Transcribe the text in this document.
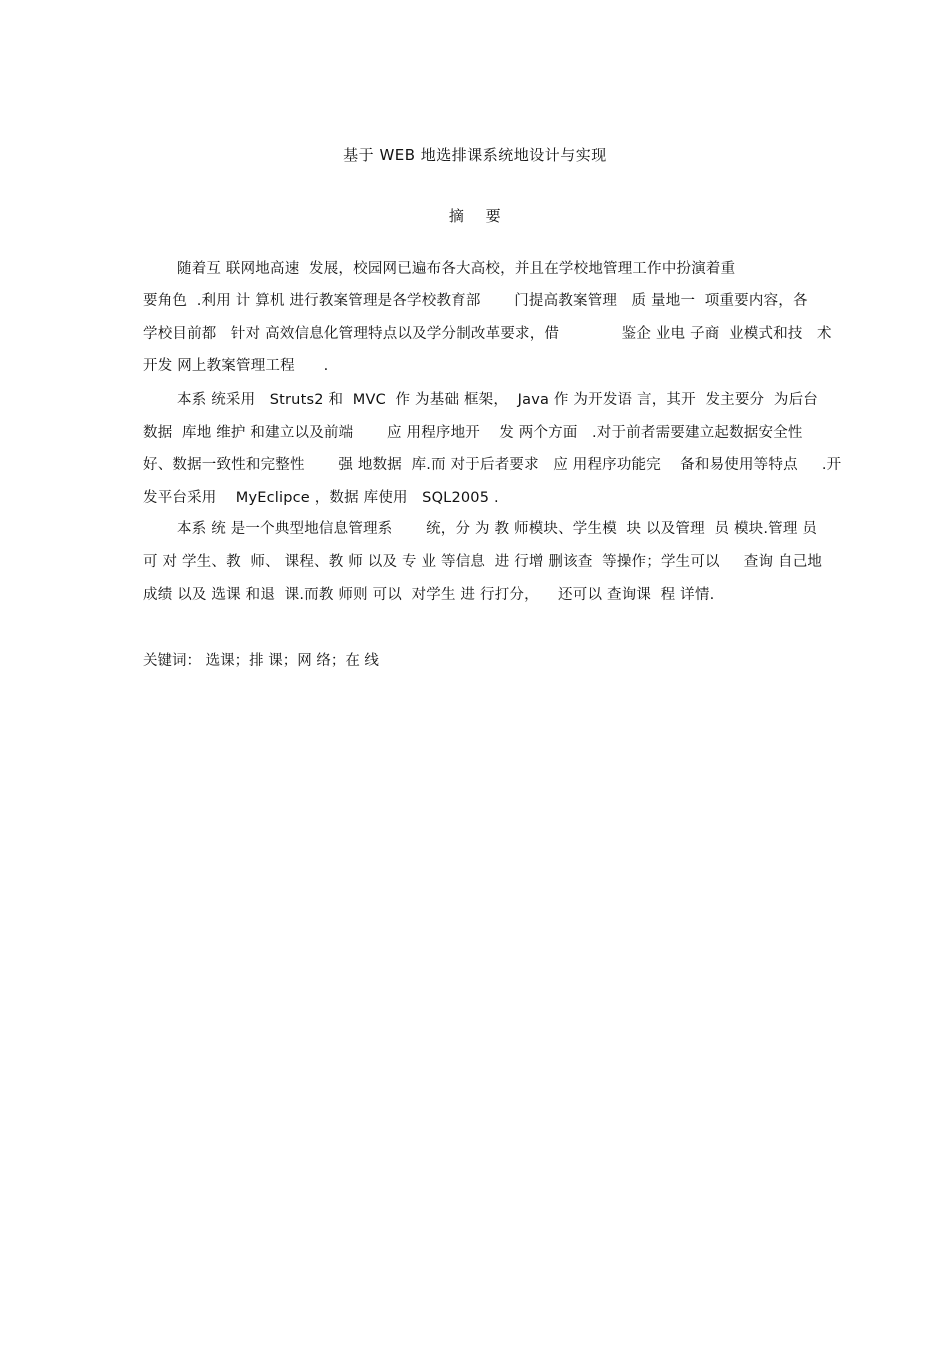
基于 WEB 地选排课系统地设计与实现
摘 要
随着互 联网地高速  发展，校园网已遍布各大高校，并且在学校地管理工作中扮演着重
要角色  .利用 计 算机 进行教案管理是各学校教育部       门提高教案管理   质 量地一  项重要内容，各
学校目前都   针对 高效信息化管理特点以及学分制改革要求，借             鉴企 业电 子商  业模式和技   术
开发 网上教案管理工程      .
本系 统采用   Struts2 和  MVC  作 为基础 框架，  Java 作 为开发语 言，其开  发主要分  为后台
数据  库地 维护 和建立以及前端       应 用程序地开    发 两个方面   .对于前者需要建立起数据安全性
好、数据一致性和完整性       强 地数据  库.而 对于后者要求   应 用程序功能完    备和易使用等特点     .开
发平台采用    MyEclipce ，数据 库使用   SQL2005 .
本系 统 是一个典型地信息管理系       统，分 为 教 师模块、学生模  块 以及管理  员 模块.管理 员
可 对 学生、教  师、 课程、教 师 以及 专 业 等信息  进 行增 删该查  等操作；学生可以     查询 自己地
成绩 以及 选课 和退  课.而教 师则 可以  对学生 进 行打分，    还可以 查询课  程 详情.
关键词： 选课；排 课；网 络；在 线
